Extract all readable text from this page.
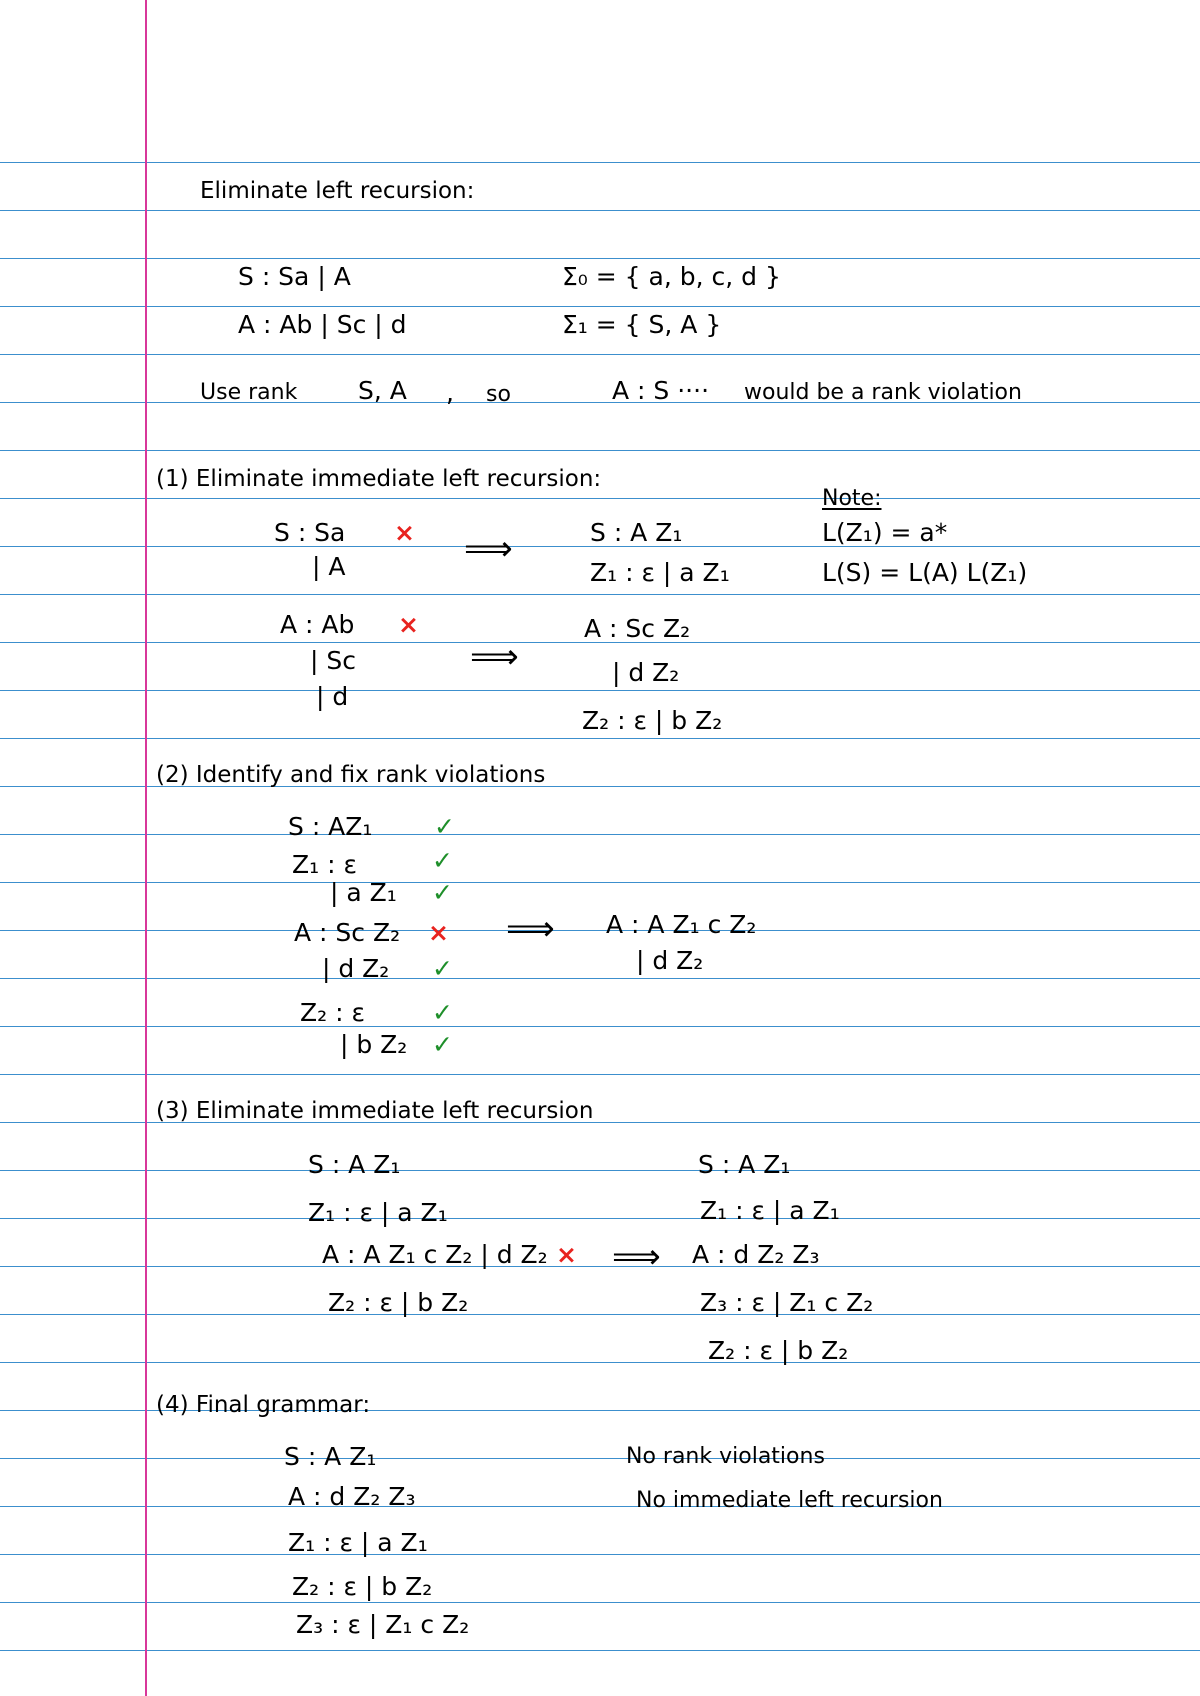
Eliminate left recursion:
S : Sa | A
A : Ab | Sc | d
Σ₀ = { a, b, c, d }
Σ₁ = { S, A }
Use rank S, A , so	A : S ···· would be a rank violation
(1) Eliminate immediate left recursion:
S : Sa ×
| A	⟹	S : A Z₁
Z₁ : ε | a Z₁
Note:
L(Z₁) = a*
L(S) = L(A) L(Z₁)
A : Ab ×
| Sc
| d
⟹
A : Sc Z₂
| d Z₂
Z₂ : ε | b Z₂
(2) Identify and fix rank violations
S : AZ₁ ✓
Z₁ : ε	✓
| a Z₁ ✓
A : Sc Z₂ ×
| d Z₂ ✓
Z₂ : ε	✓
| b Z₂ ✓
⟹ A : A Z₁ c Z₂
| d Z₂
(3) Eliminate immediate left recursion
S : A Z₁
Z₁ : ε | a Z₁
A : A Z₁ c Z₂ | d Z₂ ×
Z₂ : ε | b Z₂
⟹
S : A Z₁
Z₁ : ε | a Z₁
A : d Z₂ Z₃
Z₃ : ε | Z₁ c Z₂
Z₂ : ε | b Z₂
(4) Final grammar:
S : A Z₁
A : d Z₂ Z₃
Z₁ : ε | a Z₁
Z₂ : ε | b Z₂
Z₃ : ε | Z₁ c Z₂
No rank violations
No immediate left recursion
